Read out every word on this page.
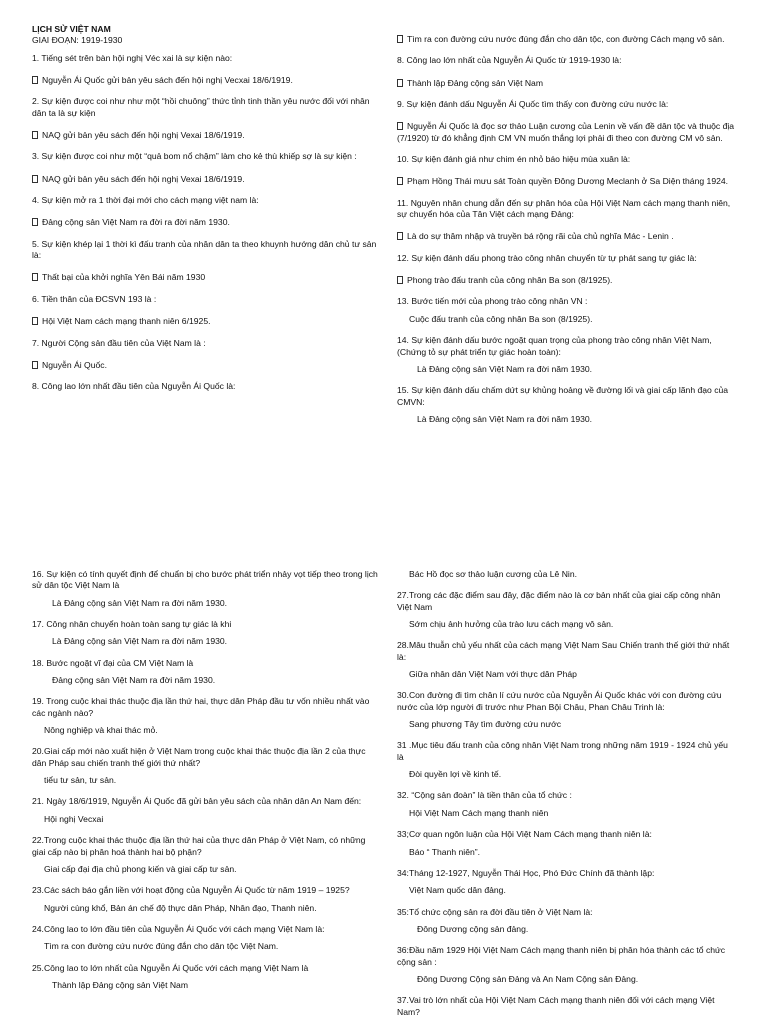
LỊCH SỬ VIỆT NAM

GIAI ĐOẠN: 1919-1930

1. Tiếng sét trên bàn hội nghị Véc xai là sự kiện nào:

Nguyễn Ái Quốc gửi bản yêu sách đến hội nghị Vecxai 18/6/1919.

2. Sự kiện được coi như như một “hồi chuông” thức tỉnh tinh thần yêu nước đối với nhân dân ta là sự kiện

NAQ gửi bản yêu sách đến hội nghị Vexai 18/6/1919.

3. Sự kiện được coi như một “quả bom nổ chậm” làm cho kẻ thù khiếp sợ là sự kiện :

NAQ gửi bản yêu sách đến hội nghị Vexai 18/6/1919.

4. Sự kiện mở ra 1 thời đại mới cho cách mạng việt nam là:

Đảng cộng sản Việt Nam ra đời ra đời năm 1930.

5. Sự kiện khép lại 1 thời kì đấu tranh của nhân dân ta theo khuynh hướng dân chủ tư sản là:

Thất bại của khởi nghĩa Yên Bái năm 1930

6. Tiền thân của ĐCSVN 193 là :

Hội Việt Nam cách mạng thanh niên 6/1925.

7. Người Cộng sản đầu tiên của Việt Nam là :

Nguyễn Ái Quốc.

8. Công lao lớn nhất đầu tiên của Nguyễn Ái Quốc là:

Tìm ra con đường cứu nước đúng đắn cho dân tộc, con đường Cách mạng vô sản.

8. Công lao lớn nhất của Nguyễn Ái Quốc từ 1919-1930 là:

Thành lập Đảng cộng sản Việt Nam

9. Sự kiện đánh dấu Nguyễn Ái Quốc tìm thấy con đường cứu nước là:

Nguyễn Ái Quốc là đọc sơ thảo Luận cương của Lenin về vấn đề dân tộc và thuộc địa (7/1920) từ đó khẳng định CM VN muốn thắng lợi phải đi theo con đường CM vô sản.

10. Sự kiện đánh giá như chim én nhỏ báo hiệu mùa xuân là:

Phạm Hồng Thái mưu sát Toàn quyền Đông Dương Meclanh ở Sa Diện tháng 1924.

11. Nguyên nhân chung dẫn đến sự phân hóa của Hội Việt Nam cách mạng thanh niên, sự chuyển hóa của Tân Việt cách mạng Đảng:

Là do sự thâm nhập và truyền bá rộng rãi của chủ nghĩa Mác - Lenin .

12. Sự kiện đánh dấu phong trào công nhân chuyển từ tự phát sang tự giác là:

Phong trào đấu tranh của công nhân Ba son (8/1925).

13. Bước tiến mới của phong trào công nhân VN :

Cuộc đấu tranh của công nhân Ba son (8/1925).

14. Sự kiện đánh dấu bước ngoặt quan trọng của phong trào công nhân Việt Nam,(Chứng tỏ sự phát triển tự giác hoàn toàn):

Là Đảng cộng sản Việt Nam ra đời năm 1930.

15. Sự kiện đánh dấu chấm dứt sự khủng hoảng về đường lối và giai cấp lãnh đạo của CMVN:

Là Đảng cộng sản Việt Nam ra đời năm 1930.

16. Sự kiện có tính quyết định để chuẩn bị cho bước phát triển nhảy vọt tiếp theo trong lịch sử dân tộc Việt Nam là

Là Đảng cộng sản Việt Nam ra đời năm 1930.

17. Công nhân chuyển hoàn toàn sang tự giác là khi

Là Đảng cộng sản Việt Nam ra đời năm 1930.

18. Bước ngoặt vĩ đại của CM Việt Nam là

Đảng cộng sản Việt Nam ra đời năm 1930.

19. Trong cuộc khai thác thuộc địa lần thứ hai, thực dân Pháp đầu tư vốn nhiều nhất vào các ngành nào?

Nông nghiệp và khai thác mỏ.

20.Giai cấp mới nào xuất hiện ở Việt Nam trong cuộc khai thác thuộc địa lần 2 của thực dân Pháp sau chiến tranh thế giới thứ nhất?

tiểu tư sản, tư sản.

21. Ngày 18/6/1919, Nguyễn Ái Quốc đã gửi bản yêu sách của nhân dân An Nam đến:

Hội nghị Vecxai

22.Trong cuộc khai thác thuộc địa lần thứ hai của thực dân Pháp ở Việt Nam, có những giai cấp nào bị phân hoá thành hai bộ phận?

Giai cấp đại địa chủ phong kiến và giai cấp tư sản.

23.Các sách báo gắn liền với hoạt động của Nguyễn Ái Quốc từ năm 1919 – 1925?

Người cùng khổ, Bản án chế độ thực dân Pháp, Nhân đạo, Thanh niên.

24.Công lao to lớn đầu tiên của Nguyễn Ái Quốc với cách mạng Việt Nam là:

Tìm ra con đường cứu nước đúng đắn cho dân tộc Việt Nam.

25.Công lao to lớn nhất của Nguyễn Ái Quốc với cách mạng Việt Nam là

Thành lập Đảng cộng sản Việt Nam

Bác Hồ đọc sơ thảo luận cương của Lê Nin.

27.Trong các đặc điểm sau đây, đặc điểm nào là cơ bản nhất của giai cấp công nhân Việt Nam

Sớm chịu ảnh hưởng của trào lưu cách mạng vô sản.

28.Mâu thuẫn chủ yếu nhất của cách mạng Việt Nam Sau Chiến tranh thế giới thứ nhất là:

Giữa nhân dân Việt Nam với thực dân Pháp

30.Con đường đi tìm chân lí cứu nước của Nguyễn Ái Quốc khác với con đường cứu nước của lớp người đi trước như Phan Bội Châu, Phan Châu Trinh là:

Sang phương Tây tìm đường cứu nước

31 .Mục tiêu đấu tranh của công nhân Việt Nam trong những năm 1919 - 1924 chủ yếu là

Đòi quyền lợi về kinh tế.

32. “Cộng sản đoàn” là tiền thân của tổ chức :

Hội Việt Nam Cách mạng thanh niên

33;Cơ quan ngôn luận của Hội Việt Nam Cách mạng thanh niên là:

Báo “ Thanh niên”.

34:Tháng 12-1927, Nguyễn Thái Học, Phó Đức Chính đã thành lập:

Việt Nam quốc dân đảng.

35:Tổ chức cộng sản ra đời đầu tiên ở Việt Nam là:

Đông Dương cộng sản đảng.

36:Đầu năm 1929 Hội Việt Nam Cách mạng thanh niên bị phân hóa thành các tổ chức cộng sản :

Đông Dương Cộng sản Đảng và An Nam Cộng sản Đảng.

37.Vai trò lớn nhất của Hội Việt Nam Cách mạng thanh niên đối với cách mạng Việt Nam?
